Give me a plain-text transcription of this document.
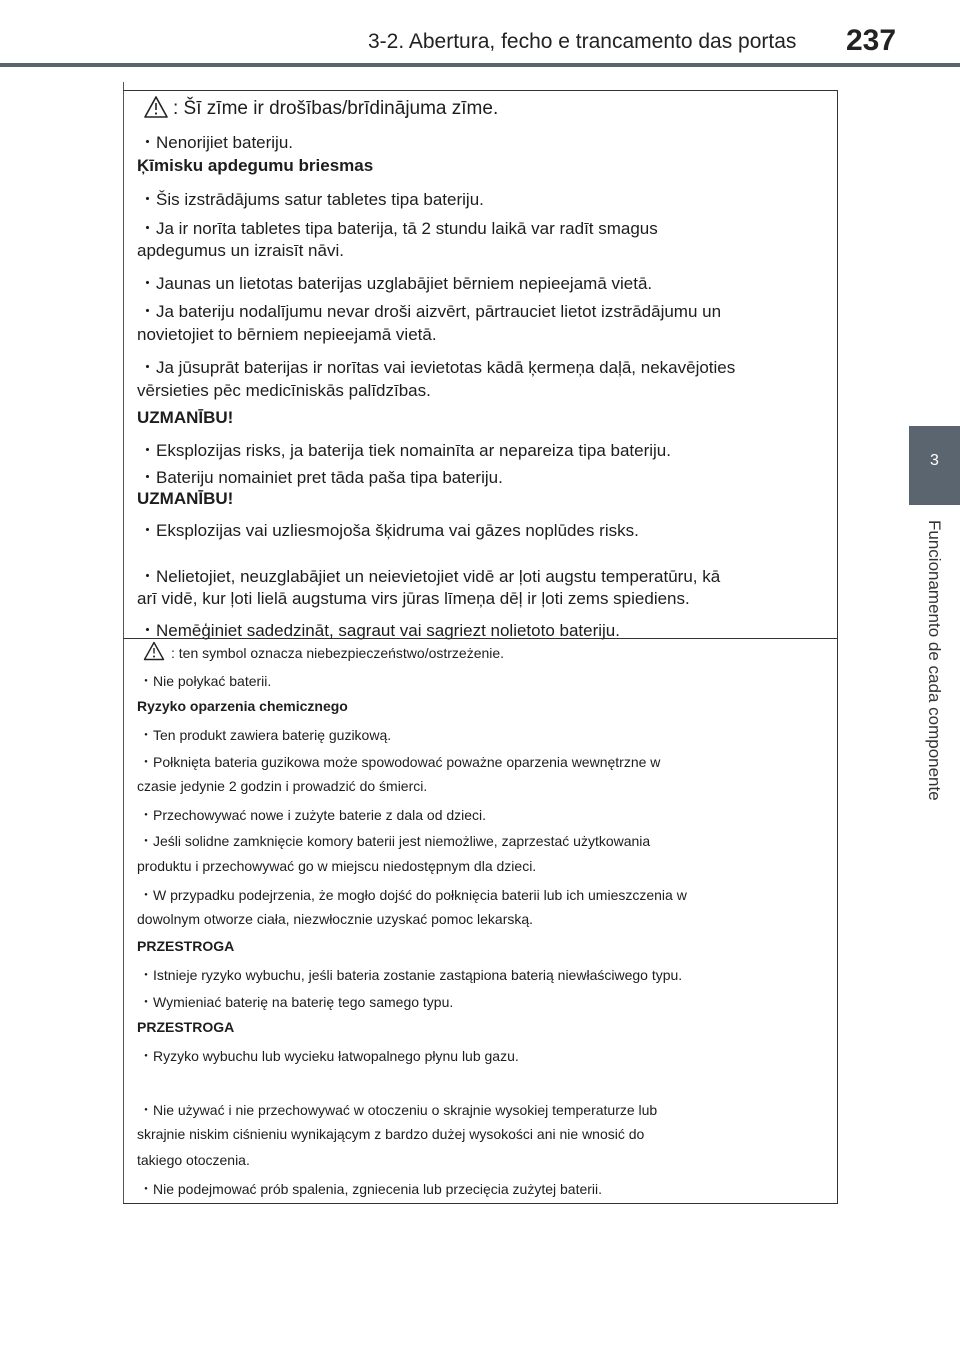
3-2. Abertura, fecho e trancamento das portas 237
3
Funcionamento de cada componente
: Šī zīme ir drošības/brīdinājuma zīme.
・Nenorijiet bateriju.
Ķīmisku apdegumu briesmas
・Šis izstrādājums satur tabletes tipa bateriju.
・Ja ir norīta tabletes tipa baterija, tā 2 stundu laikā var radīt smagus
apdegumus un izraisīt nāvi.
・Jaunas un lietotas baterijas uzglabājiet bērniem nepieejamā vietā.
・Ja bateriju nodalījumu nevar droši aizvērt, pārtrauciet lietot izstrādājumu un
novietojiet to bērniem nepieejamā vietā.
・Ja jūsuprāt baterijas ir norītas vai ievietotas kādā ķermeņa daļā, nekavējoties
vērsieties pēc medicīniskās palīdzības.
UZMANĪBU!
・Eksplozijas risks, ja baterija tiek nomainīta ar nepareiza tipa bateriju.
・Bateriju nomainiet pret tāda paša tipa bateriju.
UZMANĪBU!
・Eksplozijas vai uzliesmojoša šķidruma vai gāzes noplūdes risks.
・Nelietojiet, neuzglabājiet un neievietojiet vidē ar ļoti augstu temperatūru, kā
arī vidē, kur ļoti lielā augstuma virs jūras līmeņa dēļ ir ļoti zems spiediens.
・Nemēģiniet sadedzināt, sagraut vai sagriezt nolietoto bateriju.
: ten symbol oznacza niebezpieczeństwo/ostrzeżenie.
・Nie połykać baterii.
Ryzyko oparzenia chemicznego
・Ten produkt zawiera baterię guzikową.
・Połknięta bateria guzikowa może spowodować poważne oparzenia wewnętrzne w
czasie jedynie 2 godzin i prowadzić do śmierci.
・Przechowywać nowe i zużyte baterie z dala od dzieci.
・Jeśli solidne zamknięcie komory baterii jest niemożliwe, zaprzestać użytkowania
produktu i przechowywać go w miejscu niedostępnym dla dzieci.
・W przypadku podejrzenia, że mogło dojść do połknięcia baterii lub ich umieszczenia w
dowolnym otworze ciała, niezwłocznie uzyskać pomoc lekarską.
PRZESTROGA
・Istnieje ryzyko wybuchu, jeśli bateria zostanie zastąpiona baterią niewłaściwego typu.
・Wymieniać baterię na baterię tego samego typu.
PRZESTROGA
・Ryzyko wybuchu lub wycieku łatwopalnego płynu lub gazu.
・Nie używać i nie przechowywać w otoczeniu o skrajnie wysokiej temperaturze lub
skrajnie niskim ciśnieniu wynikającym z bardzo dużej wysokości ani nie wnosić do
takiego otoczenia.
・Nie podejmować prób spalenia, zgniecenia lub przecięcia zużytej baterii.
